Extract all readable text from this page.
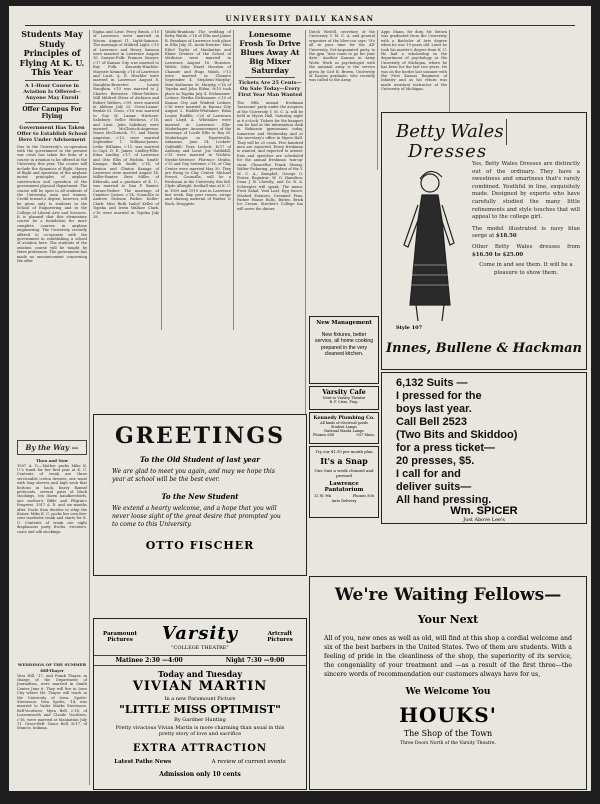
UNIVERSITY DAILY KANSAN
Students May Study Principles of Flying At K. U. This Year
A 1-Hour Course in Aviation Is Offered—Anyone May Enroll
Offer Campus For Flying
Government Has Taken Offer to Establish School Here Under Advisement
Due to the University's co-operation with the government in the present war crisis has taken the form of a course in aviation to be offered at the University this year. The course will include the dynamics of flight, theory of flight and operation of the airplane motor, principles of airplane construction and operation of the government physical department. The course will be open to all students of the University, men and women. Credit toward a degree, however, will be given only to students in the School of Engineering and in the College of Liberal Arts and Sciences. It is planned that this elementary course be a foundation for more complete courses in airplane engineering. The University recently offered to co-operate with the government in establishing a school of aviation here. The students of the aviation course will be taught by three professors. The government has made no announcement concerning the offer.
By the Way —
Then and Now
1907 A. D.—Mother packs Mike K. U.'s trunk for her first year at K. U. Contents of trunk are three serviceable cotton dresses, one waist with long sleeves and high neck that buttons in back, heavy flannel petticoats, several pairs of black stockings, ten dozen handkerchiefs, one mother's Bible and Pilgrim's Progress. 1917 A. D. and six months after Uncle Sam decides to whip the Kaiser, Mike K. U. packs her own five-cent wardrobe trunk and starts for K. U. Contents of trunk are eight diaphanous party frocks, sweaters, coats and silk stockings.
WEDDINGS OF THE SUMMER
Hill-Thayer
Vera Hill, '17, and Frank Thayer, in charge of the Department of Journalism, were married in Smith Center June 6. They will live in Iowa City where Mr. Thayer will teach in the University of Iowa. Spotts-Stevenson: Vera Spotts, '14, was married to Vader Marks Stevenson. Bell-Voorhees: Myra Bell, c'18, of Leavenworth and Claude Voorhees, c'16, were married at Manhattan July 11. Grace-Bell: Grace Bell, fs'17, of Muncie, Indiana.
Sigma and Lieut. Percy Brush, c'10 of Lawrence were married in Macon, August 11. Light-Samson: The marriage of Mildred Light, c'15 of Lawrence and Henry Samson were married in Lawrence August 16. Sawyer-Fulk: Frances Sawyer, c'17 of Kansas City was married to Ray Fulk. Kennedy-Hinchlie: Marjorie Kennedy, c'16 of Lawrence and Lieut. A. E. Hinchlie were married in Lawrence August 8. Naughtin-Brewster: Louise Naughtin, c'15 was married to J. Charles Brewster. Oliver-Walters: Mill Mildred Oliver of Atchison and Robert Walters, c'09, were married in Abilene July 25. Cross-Lamar: Beulah M. Cross, c'16 was married to Guy M. Lamar. Hitchens-Salisbury: Nellie Hitchens, c'16, and Lieut. John Salisbury were married. McClintock-Angevine: Marie McClintock, '17, and Monty Angevine, c'13, were married September 1. Williams-James: Lethe Williams, c'15, was married to Capt. D. E. James. Lindley-Ellis: Edna Lindley, c'17, of Lawrence and Otto Ellis of Wichita. Smith-Kanaga: Ruth Smith, c'14, of Benton and Clinton Kanaga of Lawrence were married August 14. Miller-Baxter: Bess Miller, of Eldorado and a graduate of K. U., was married to Dan F. Baxter. Carnes-Parker: The marriage of Candace Carnes, c'14, Councilla to Andrew Dickson Parker. Keller-Clark: Miss Ruth Isabel Keller of Topeka and Irwin Wallace Clark, c'16 were married in Topeka July 28.
Waldo-Branham: The wedding of Betty Waldo, c'16 of Ellis and James R. Branham of Lawrence took place in Ellis July 31. Arvin-Drenter: Miss Ethel Taylor of Manhattan and Elmer Drenter of the School of Medicine were married in Lawrence August 18. Houston-Walsh: Miss Hazel Houston of Chanute and Hugo Walsh, c'13 were married in Chanute September 4. Stephens-Murphy: Miss Katharine M. Murphy, c'16 of Topeka and John Elden, fs'15 took place in Topeka July 4. Eichenauer-Leitner: Bertha Eichenauer, c'10 of Kansas City and Winfred Leitner, c'16 were married in Kansas City August 2. Ruddle-Whittaker: Edna Louise Ruddle, c'20 of Lawrence and Lloyd A. Whittaker were married in Lawrence. Ellis-Moderhager: Announcement of the marriage of Lucile Ellis to Roy M. Moderhager in Fayetteville, Arkansas, June 14. Lockett-Gabbidill: Dora Lockett, fs'17 of Anthony and Lieut. Joe Gabbidill, c'15 were married in Wichita. Strahn-Settener: Florence Strahn, c'15 and Guy Settener, c'16, of Clay Center were married May 30. They are living in Clay Center. Michael Provot, Councilla, will be a freshman in the University this fall. Clyde Albright, football star at K. U. in 1909 and 1910 was in Lawrence last week. Buy your razors, strops and shaving material of Barber & Bach, Druggists.
Lonesome Frosh To Drive Blues Away At Big Mixer Saturday
Tickets Are 25 Cents—On Sale Today—Every First Year Man Wanted
The fifth annual freshman 'lonesome' party under the auspices of the University Y. M. C. A. will be held in Myers Hall, Saturday night at 6 o'clock. Tickets for the banquet can be had at the information desk in Robinson gymnasium today, tomorrow and Wednesday and at the secretary's office in Myers Hall. They will be 25 cents. Five hundred men are expected. Every freshman is wanted, and expected to attend. Eats and speeches are scheduled for the annual freshman 'sun-up' stunt. Chancellor Frank Strong, Walter Pickering, president of the Y. M. C. A.; Kampbel; George O. Foster, Registrar; W. O. Hamilton; Dean J. B. Lhewdy; and Dr. R. A. Schwegler will speak. The menu: Fruit Salad, Veal Loaf, Egg Sauce, Mashed Potatoes, Creamed Peas, Parker House Rolls, Butter, Brick Ice Cream, Stricker's College Inn will serve the dinner.
Dutch Wedell, secretary of the University Y. M. C. A. and general organizer of the blow-out says: 'It's all in your time for the All-University Get-Acquainted party in the gym. Your room to go for your date.' Another Kansan in Army Work: Work as psychologist with the national army is the service given by Carl R. Brown, University of Kansas graduate, who recently was called to the Army.
Appr. Mann, for duty. Mr. Brown was graduated from the University with a Bachelor of Arts degree when he was 19 years old. Later he took his master's degree from K. U. He had a scholarship in the department of psychology at the University of Michigan, where he has been for the last two years. He was on the border last summer with the First Kansas Regiment of Infantry and as his return was made assistant instructor at the University of Michigan.
Betty Wales
Dresses
Style 107
Yes, Betty Wales Dresses are distinctly out of the ordinary. They have a sweetness and smartness that's rarely combined. Youthful in line, exquisitely made. Designed by experts who have carefully studied the many little refinements and style touches that will appeal to the college girl.
The model illustrated is navy blue serge at $18.50
Other Betty Wales dresses from $16.50 to $25.00
Come in and see them. It will be a pleasure to show them.
Innes, Bullene & Hackman
New Management
New fixtures, better service, all home cooking prepared in the very cleanest kitchen.
Varsity Cafe
Next to Varsity Theatre
R. F. Crise, Prop.
Kennedy Plumbing Co.
All kinds of electrical goods
Student Lamps
National Mazda Lamps
Phones 658	937 Mass.
Try our $1.50 per month plan
It's a Snap
One Suit a week cleaned and pressed
Lawrence Pantatorium
12 W. 9th	Phones 506
Auto Delivery
6,132 Suits —
I pressed for the
boys last year.
Call Bell 2523
(Two Bits and Skiddoo)
for a press ticket—
20 presses, $5.
I call for and
deliver suits—
All hand pressing.
Wm. SPICER
Just Above Lee's
GREETINGS
To the Old Student of last year
We are glad to meet you again, and may we hope this year at school will be the best ever.
To the New Student
We extend a hearty welcome, and a hope that you will never loose sight of the great desire that prompted you to come to this University.
OTTO FISCHER
Paramount Pictures	Varsity
"COLLEGE THEATRE"
Artcraft Pictures
Matinee 2:30 —4:00	Night 7:30 —9:00
Today and Tuesday
VIVIAN MARTIN
In a new Paramount Picture
"LITTLE MISS OPTIMIST"
By Gardner Hunting
Pretty vivacious Vivian Martin is more charming than usual in this pretty story of love and sacrifice
EXTRA ATTRACTION
Latest Pathe News	A review of current events
Admission only 10 cents
We're Waiting Fellows—
Your Next
All of you, new ones as well as old, will find at this shop a cordial welcome and six of the best barbers in the United States. Two of them are students. With a feeling of pride in the cleanliness of the shop, the superiority of its service, the congeniality of your treatment and —as a result of the first three—the sincere words of recommendation our customers always have for us,
We Welcome You
HOUKS'
The Shop of the Town
Three Doors North of the Varsity Theatre.
